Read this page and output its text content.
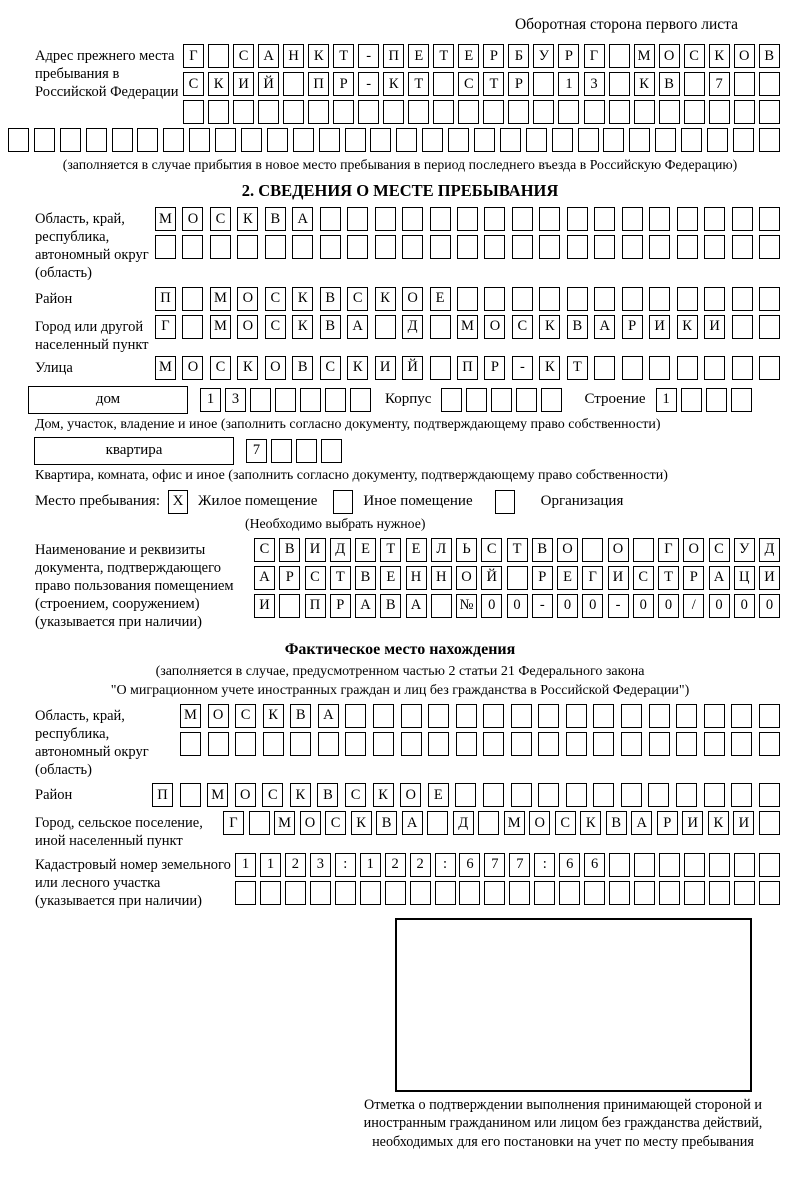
Оборотная сторона первого листа
Адрес прежнего места пребывания в Российской Федерации
Г	С	А	Н	К	Т	-	П	Е	Т	Е	Р	Б	У	Р	Г	М О	С	К	О	В
С	К	И	Й	П	Р	-	К	Т	С	Т	Р	1	3	К	В	7
(заполняется в случае прибытия в новое место пребывания в период последнего въезда в Российскую Федерацию)
2. СВЕДЕНИЯ О МЕСТЕ ПРЕБЫВАНИЯ
Область, край, республика, автономный округ (область)
М	О	С	К	В	А
Район	П	М	О	С	К	В	С	К	О	Е
Город или другой населенный пункт
Г	М	О	С	К	В	А	Д	М	О	С	К	В	А	Р	И	К	И
Улица	М	О	С	К	О	В	С	К	И	Й	П	Р	-	К	Т
дом	1	3	Корпус	Строение	1
Дом, участок, владение и иное (заполнить согласно документу, подтверждающему право собственности)
квартира	7
Квартира, комната, офис и иное (заполнить согласно документу, подтверждающему право собственности)
Место пребывания: X Жилое помещение	Иное помещение	Организация
(Необходимо выбрать нужное)
Наименование и реквизиты документа, подтверждающего право пользования помещением (строением, сооружением) (указывается при наличии)
С	В	И	Д	Е	Т	Е	Л	Ь	С	Т	В	О	О	Г	О	С	У	Д
А	Р	С	Т	В	Е	Н	Н	О	Й	Р	Е	Г	И	С	Т	Р	А	Ц	И
И	П	Р	А	В	А	№	0	0	-	0	0	-	0	0	/	0	0	0
Фактическое место нахождения
(заполняется в случае, предусмотренном частью 2 статьи 21 Федерального закона
"О миграционном учете иностранных граждан и лиц без гражданства в Российской Федерации")
Область, край, республика, автономный округ (область)
М	О	С	К	В	А
Район	П	М	О	С	К	В	С	К	О	Е
Город, сельское поселение, иной населенный пункт
Г	М О	С	К	В	А	Д	М О	С	К	В	А	Р	И	К	И
Кадастровый номер земельного или лесного участка (указывается при наличии)
1	1	2	3	:	1	2	2	:	6	7	7	:	6	6
Отметка о подтверждении выполнения принимающей стороной и иностранным гражданином или лицом без гражданства действий, необходимых для его постановки на учет по месту пребывания
